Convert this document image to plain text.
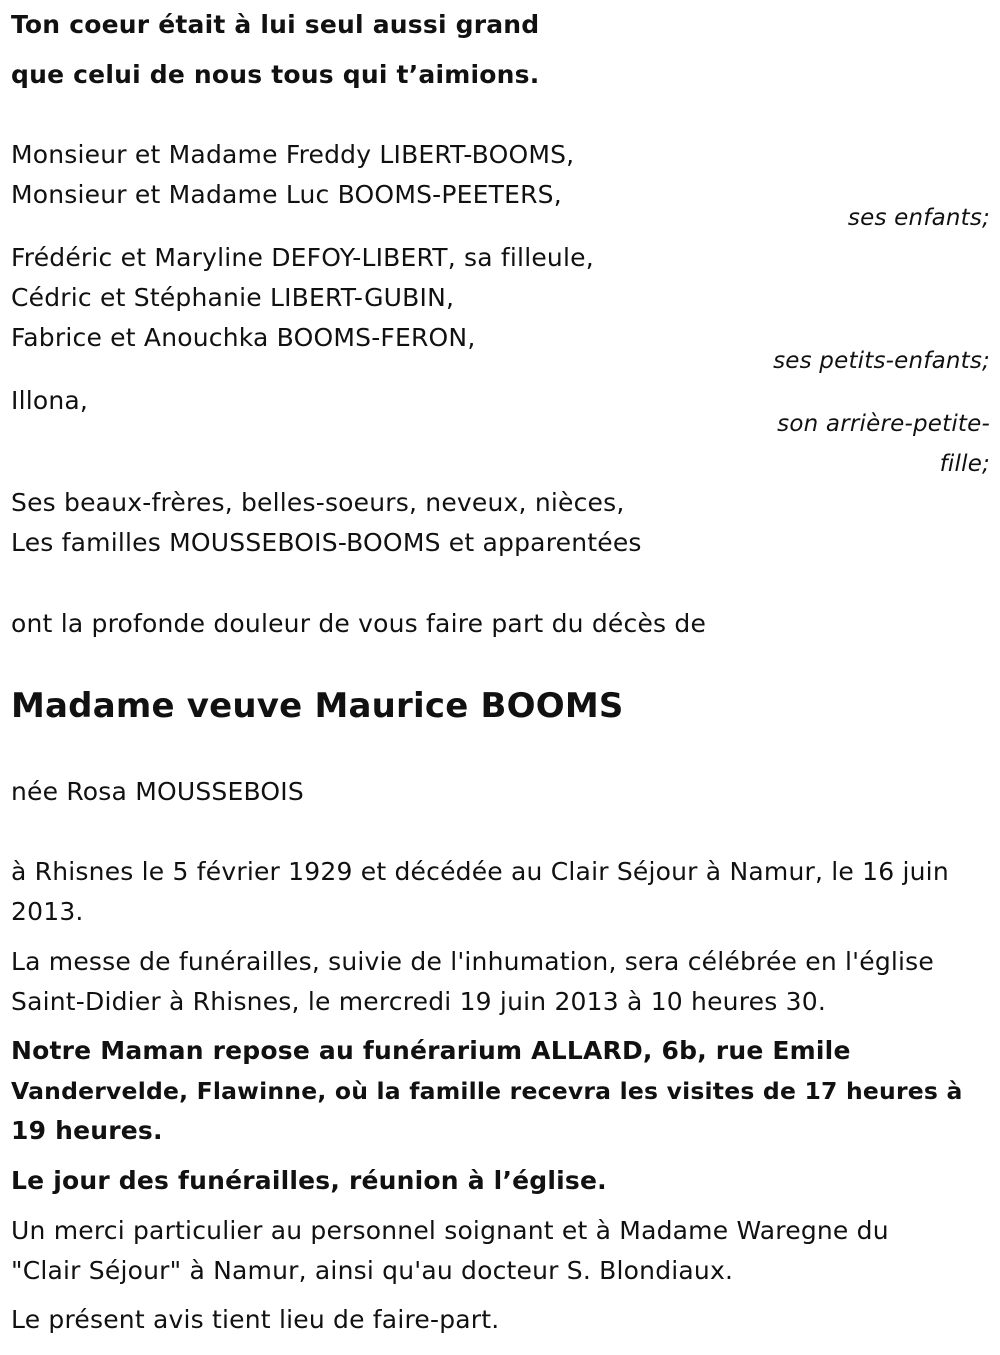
Ton coeur était à lui seul aussi grand
que celui de nous tous qui t’aimions.
Monsieur et Madame Freddy LIBERT-BOOMS,
Monsieur et Madame Luc BOOMS-PEETERS,
ses enfants;
Frédéric et Maryline DEFOY-LIBERT, sa filleule,
Cédric et Stéphanie LIBERT-GUBIN,
Fabrice et Anouchka BOOMS-FERON,
ses petits-enfants;
Illona,
son arrière-petite-
fille;
Ses beaux-frères, belles-soeurs, neveux, nièces,
Les familles MOUSSEBOIS-BOOMS et apparentées
ont la profonde douleur de vous faire part du décès de
Madame veuve Maurice BOOMS
née Rosa MOUSSEBOIS
à Rhisnes le 5 février 1929 et décédée au Clair Séjour à Namur, le 16 juin
2013.
La messe de funérailles, suivie de l'inhumation, sera célébrée en l'église
Saint-Didier à Rhisnes, le mercredi 19 juin 2013 à 10 heures 30.
Notre Maman repose au funérarium ALLARD, 6b, rue Emile
Vandervelde, Flawinne, où la famille recevra les visites de 17 heures à
19 heures.
Le jour des funérailles, réunion à l’église.
Un merci particulier au personnel soignant et à Madame Waregne du
"Clair Séjour" à Namur, ainsi qu'au docteur S. Blondiaux.
Le présent avis tient lieu de faire-part.
